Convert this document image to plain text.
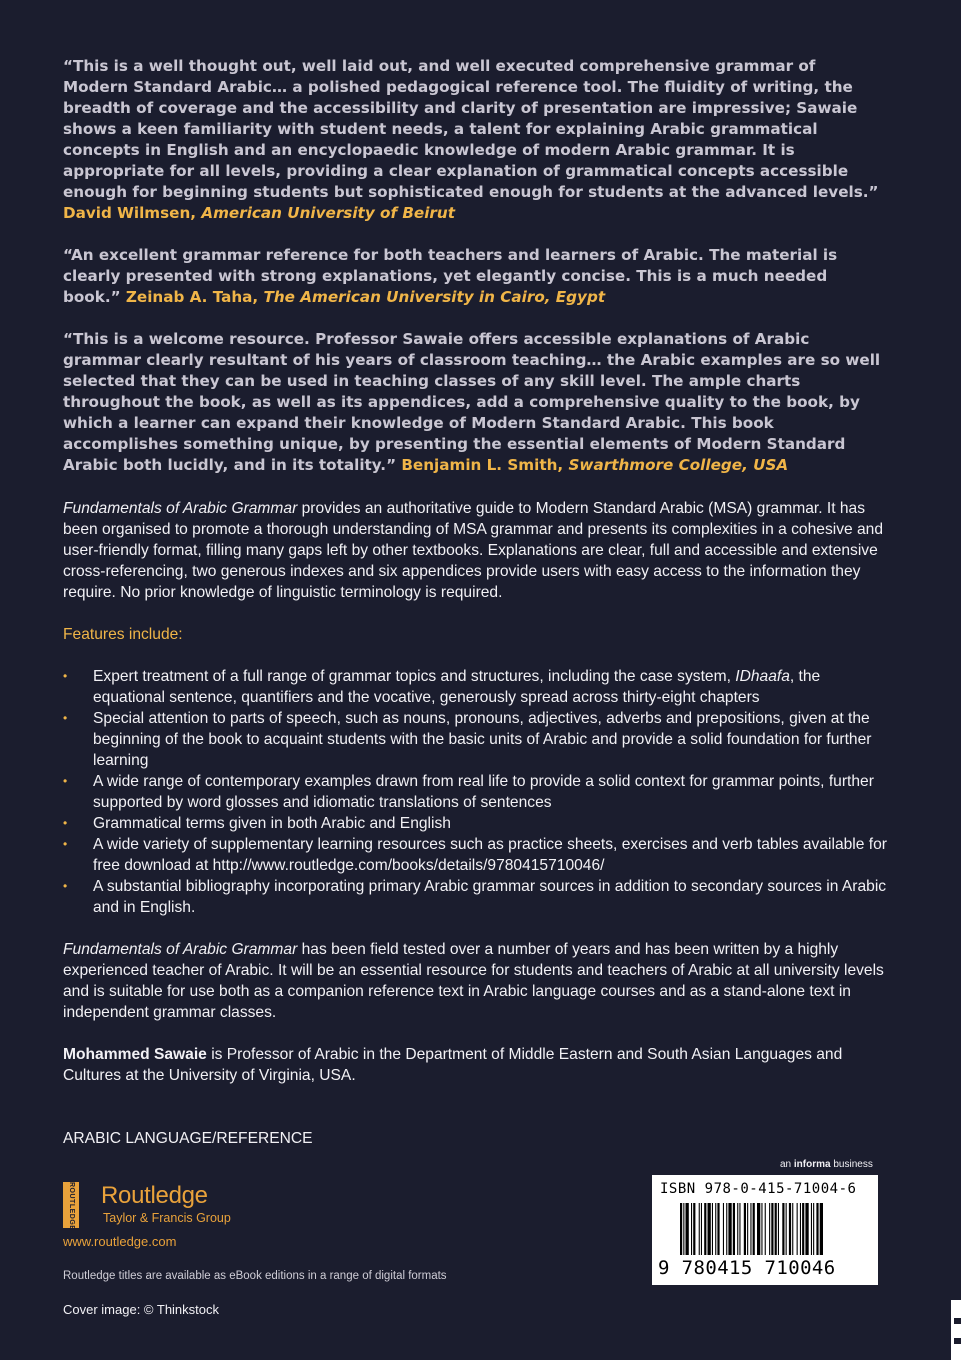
“This is a well thought out, well laid out, and well executed comprehensive grammar of Modern Standard Arabic… a polished pedagogical reference tool. The fluidity of writing, the breadth of coverage and the accessibility and clarity of presentation are impressive; Sawaie shows a keen familiarity with student needs, a talent for explaining Arabic grammatical concepts in English and an encyclopaedic knowledge of modern Arabic grammar. It is appropriate for all levels, providing a clear explanation of grammatical concepts accessible enough for beginning students but sophisticated enough for students at the advanced levels.” David Wilmsen, American University of Beirut

“An excellent grammar reference for both teachers and learners of Arabic. The material is clearly presented with strong explanations, yet elegantly concise. This is a much needed book.” Zeinab A. Taha, The American University in Cairo, Egypt

“This is a welcome resource. Professor Sawaie offers accessible explanations of Arabic grammar clearly resultant of his years of classroom teaching… the Arabic examples are so well selected that they can be used in teaching classes of any skill level. The ample charts throughout the book, as well as its appendices, add a comprehensive quality to the book, by which a learner can expand their knowledge of Modern Standard Arabic. This book accomplishes something unique, by presenting the essential elements of Modern Standard Arabic both lucidly, and in its totality.” Benjamin L. Smith, Swarthmore College, USA

Fundamentals of Arabic Grammar provides an authoritative guide to Modern Standard Arabic (MSA) grammar. It has been organised to promote a thorough understanding of MSA grammar and presents its complexities in a cohesive and user-friendly format, filling many gaps left by other textbooks. Explanations are clear, full and accessible and extensive cross-referencing, two generous indexes and six appendices provide users with easy access to the information they require. No prior knowledge of linguistic terminology is required.

Features include:

• Expert treatment of a full range of grammar topics and structures, including the case system, IDhaafa, the equational sentence, quantifiers and the vocative, generously spread across thirty-eight chapters
• Special attention to parts of speech, such as nouns, pronouns, adjectives, adverbs and prepositions, given at the beginning of the book to acquaint students with the basic units of Arabic and provide a solid foundation for further learning
• A wide range of contemporary examples drawn from real life to provide a solid context for grammar points, further supported by word glosses and idiomatic translations of sentences
• Grammatical terms given in both Arabic and English
• A wide variety of supplementary learning resources such as practice sheets, exercises and verb tables available for free download at http://www.routledge.com/books/details/9780415710046/
• A substantial bibliography incorporating primary Arabic grammar sources in addition to secondary sources in Arabic and in English.

Fundamentals of Arabic Grammar has been field tested over a number of years and has been written by a highly experienced teacher of Arabic. It will be an essential resource for students and teachers of Arabic at all university levels and is suitable for use both as a companion reference text in Arabic language courses and as a stand-alone text in independent grammar classes.

Mohammed Sawaie is Professor of Arabic in the Department of Middle Eastern and South Asian Languages and Cultures at the University of Virginia, USA.

ARABIC LANGUAGE/REFERENCE
ROUTLEDGE Routledge
Taylor & Francis Group
www.routledge.com
Routledge titles are available as eBook editions in a range of digital formats
Cover image: © Thinkstock
an informa business
ISBN 978-0-415-71004-6
9 780415 710046
